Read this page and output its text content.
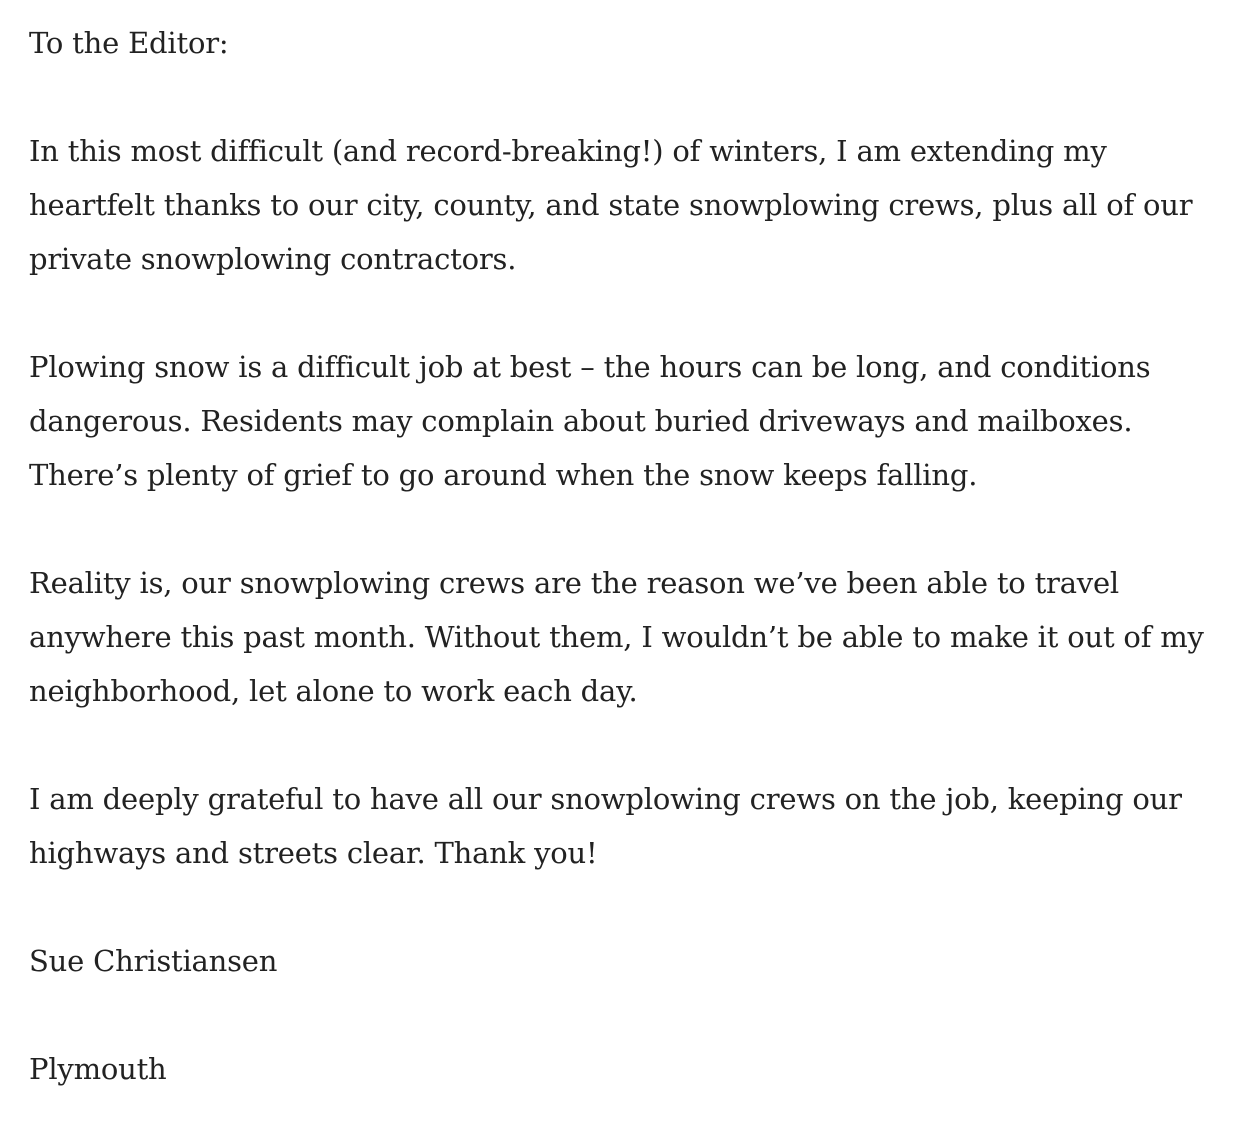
To the Editor:

In this most difficult (and record-breaking!) of winters, I am extending my
heartfelt thanks to our city, county, and state snowplowing crews, plus all of our
private snowplowing contractors.

Plowing snow is a difficult job at best – the hours can be long, and conditions
dangerous. Residents may complain about buried driveways and mailboxes.
There’s plenty of grief to go around when the snow keeps falling.

Reality is, our snowplowing crews are the reason we’ve been able to travel
anywhere this past month. Without them, I wouldn’t be able to make it out of my
neighborhood, let alone to work each day.

I am deeply grateful to have all our snowplowing crews on the job, keeping our
highways and streets clear. Thank you!

Sue Christiansen

Plymouth
